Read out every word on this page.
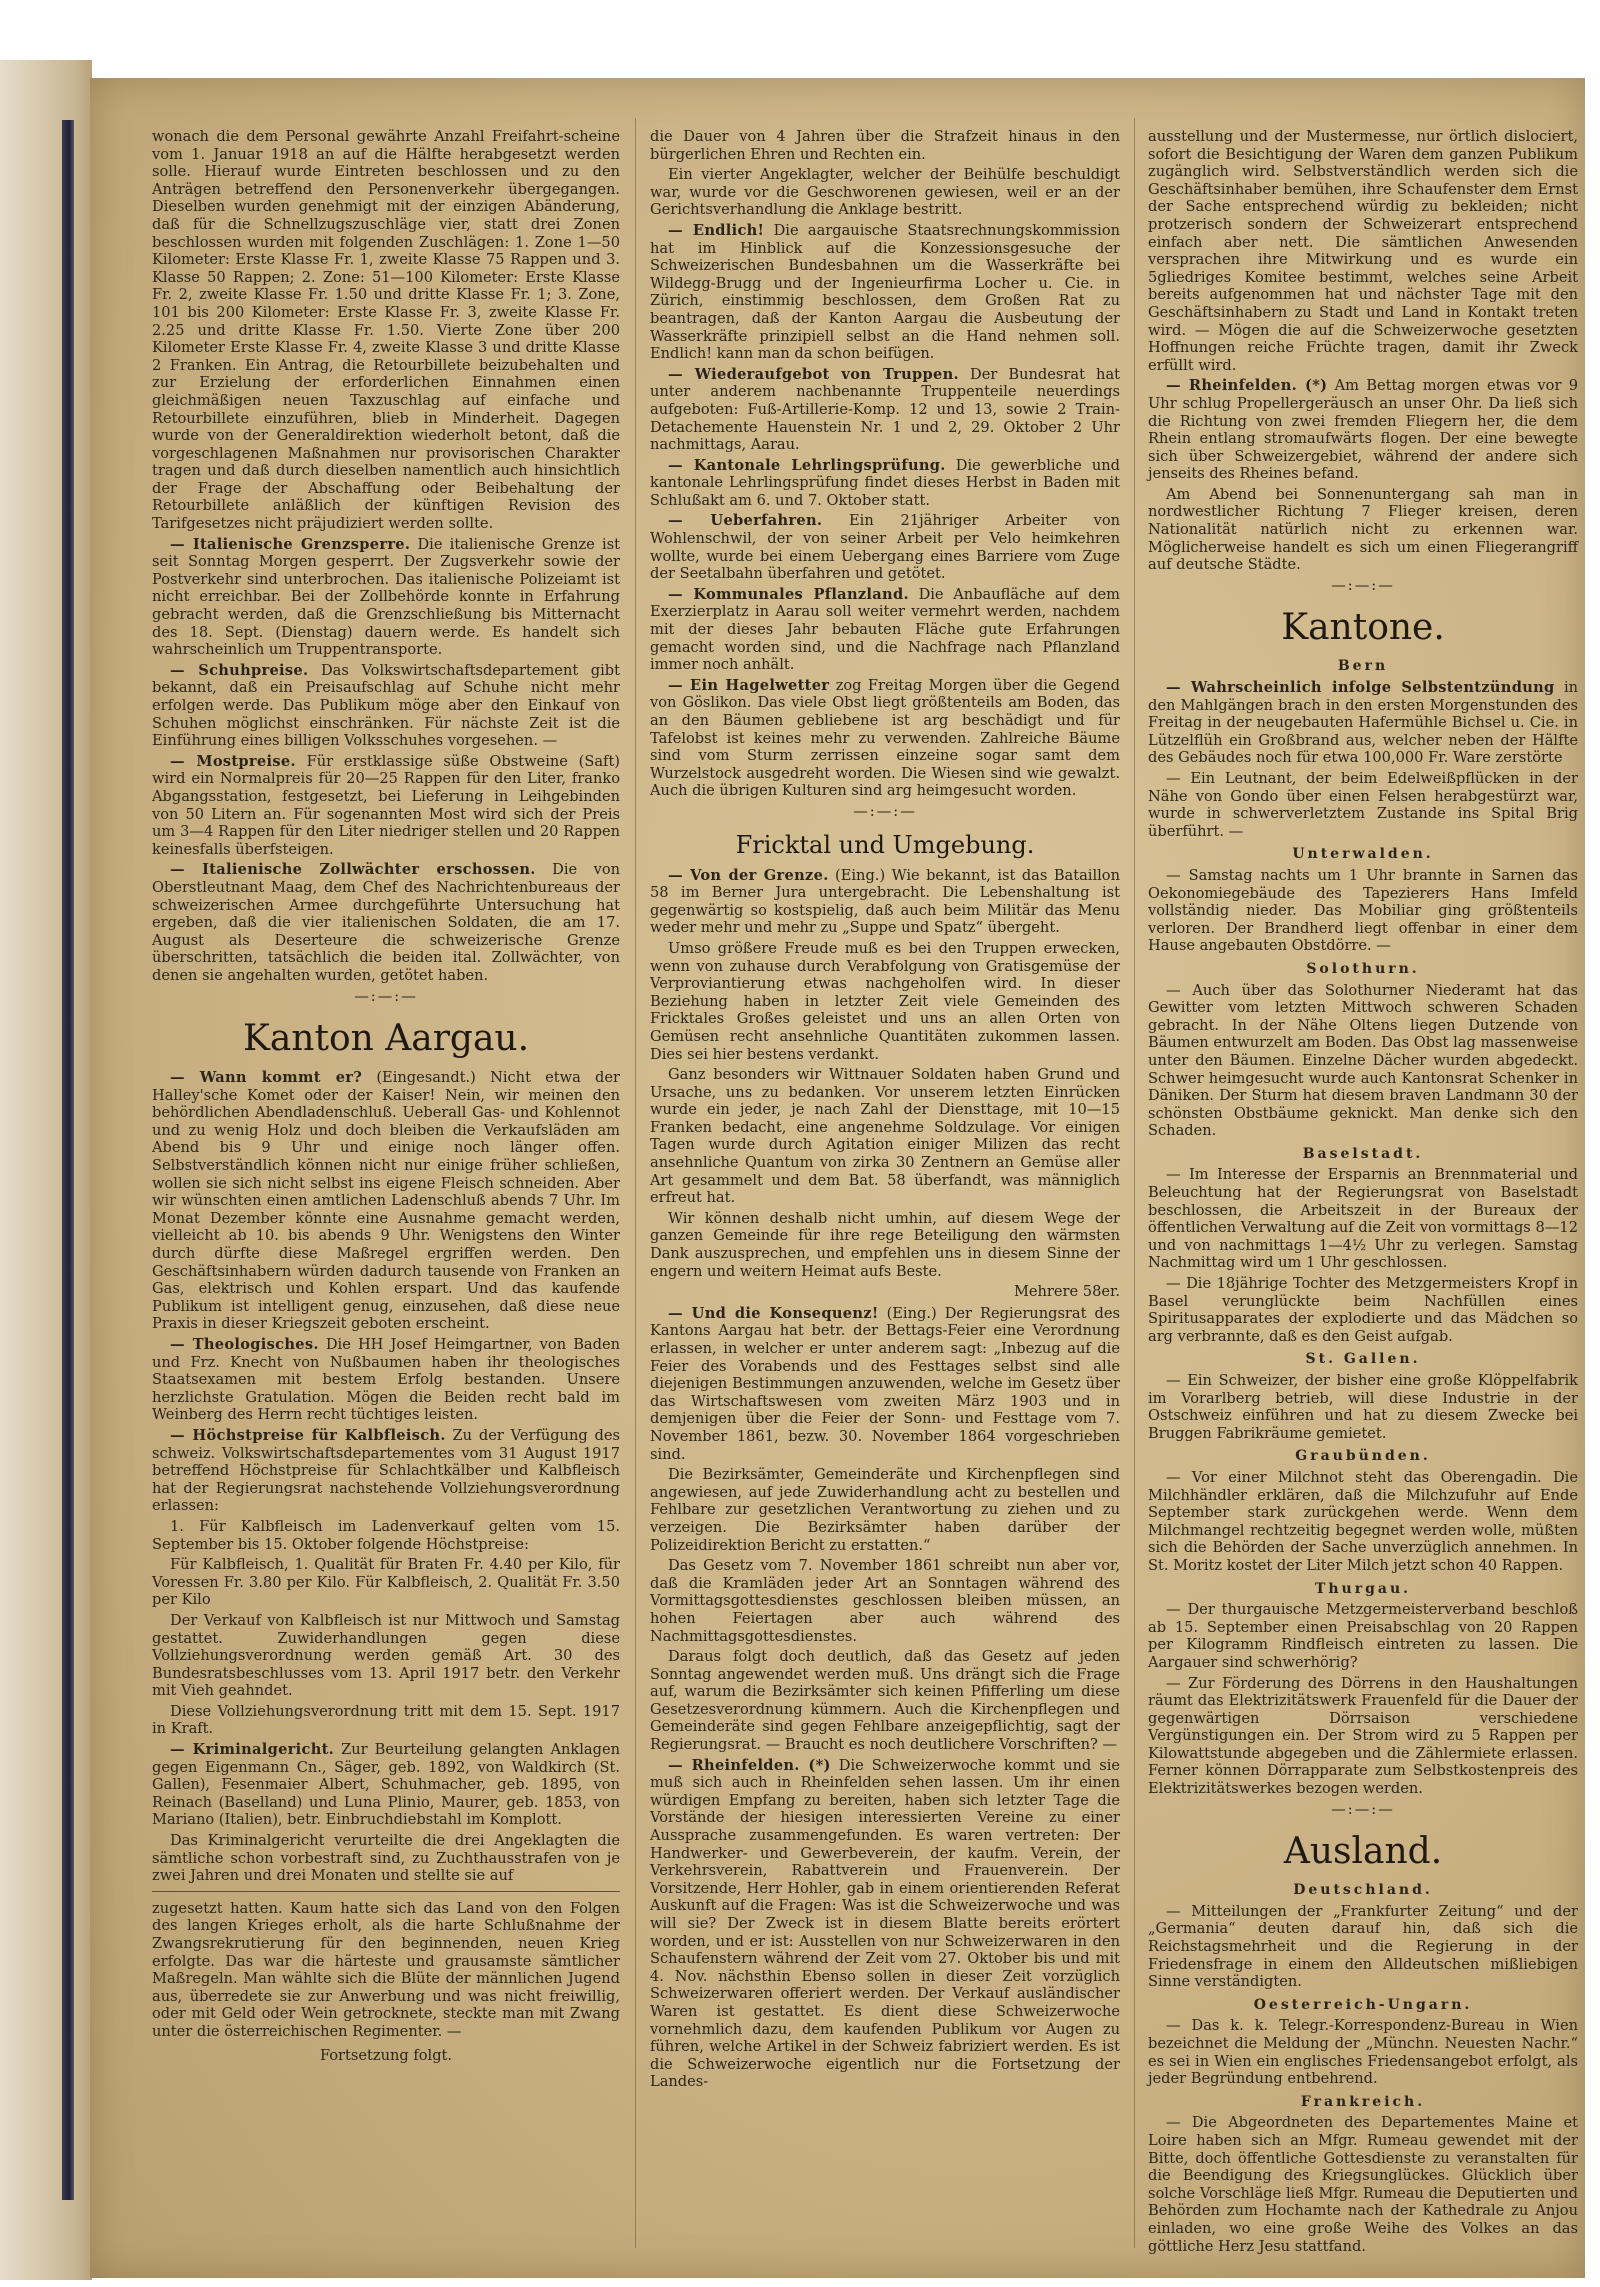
wonach die dem Personal gewährte Anzahl Freifahrt-scheine vom 1. Januar 1918 an auf die Hälfte herabgesetzt werden solle. Hierauf wurde Eintreten beschlossen und zu den Anträgen betreffend den Personenverkehr übergegangen. Dieselben wurden genehmigt mit der einzigen Abänderung, daß für die Schnellzugszuschläge vier, statt drei Zonen beschlossen wurden mit folgenden Zuschlägen: 1. Zone 1—50 Kilometer: Erste Klasse Fr. 1, zweite Klasse 75 Rappen und 3. Klasse 50 Rappen; 2. Zone: 51—100 Kilometer: Erste Klasse Fr. 2, zweite Klasse Fr. 1.50 und dritte Klasse Fr. 1; 3. Zone, 101 bis 200 Kilometer: Erste Klasse Fr. 3, zweite Klasse Fr. 2.25 und dritte Klasse Fr. 1.50. Vierte Zone über 200 Kilometer Erste Klasse Fr. 4, zweite Klasse 3 und dritte Klasse 2 Franken. Ein Antrag, die Retourbillete beizubehalten und zur Erzielung der erforderlichen Einnahmen einen gleichmäßigen neuen Taxzuschlag auf einfache und Retourbillete einzuführen, blieb in Minderheit. Dagegen wurde von der Generaldirektion wiederholt betont, daß die vorgeschlagenen Maßnahmen nur provisorischen Charakter tragen und daß durch dieselben namentlich auch hinsichtlich der Frage der Abschaffung oder Beibehaltung der Retourbillete anläßlich der künftigen Revision des Tarifgesetzes nicht präjudiziert werden sollte.

— Italienische Grenzsperre. Die italienische Grenze ist seit Sonntag Morgen gesperrt. Der Zugsverkehr sowie der Postverkehr sind unterbrochen. Das italienische Polizeiamt ist nicht erreichbar. Bei der Zollbehörde konnte in Erfahrung gebracht werden, daß die Grenzschließung bis Mitternacht des 18. Sept. (Dienstag) dauern werde. Es handelt sich wahrscheinlich um Truppentransporte.

— Schuhpreise. Das Volkswirtschaftsdepartement gibt bekannt, daß ein Preisaufschlag auf Schuhe nicht mehr erfolgen werde. Das Publikum möge aber den Einkauf von Schuhen möglichst einschränken. Für nächste Zeit ist die Einführung eines billigen Volksschuhes vorgesehen. —

— Mostpreise. Für erstklassige süße Obstweine (Saft) wird ein Normalpreis für 20—25 Rappen für den Liter, franko Abgangsstation, festgesetzt, bei Lieferung in Leihgebinden von 50 Litern an. Für sogenannten Most wird sich der Preis um 3—4 Rappen für den Liter niedriger stellen und 20 Rappen keinesfalls überfsteigen.

— Italienische Zollwächter erschossen. Die von Oberstleutnant Maag, dem Chef des Nachrichtenbureaus der schweizerischen Armee durchgeführte Untersuchung hat ergeben, daß die vier italienischen Soldaten, die am 17. August als Deserteure die schweizerische Grenze überschritten, tatsächlich die beiden ital. Zollwächter, von denen sie angehalten wurden, getötet haben.

—:—:—
Kanton Aargau.

— Wann kommt er? (Eingesandt.) Nicht etwa der Halley'sche Komet oder der Kaiser! Nein, wir meinen den behördlichen Abendladenschluß. Ueberall Gas- und Kohlennot und zu wenig Holz und doch bleiben die Verkaufsläden am Abend bis 9 Uhr und einige noch länger offen. Selbstverständlich können nicht nur einige früher schließen, wollen sie sich nicht selbst ins eigene Fleisch schneiden. Aber wir wünschten einen amtlichen Ladenschluß abends 7 Uhr. Im Monat Dezember könnte eine Ausnahme gemacht werden, vielleicht ab 10. bis abends 9 Uhr. Wenigstens den Winter durch dürfte diese Maßregel ergriffen werden. Den Geschäftsinhabern würden dadurch tausende von Franken an Gas, elektrisch und Kohlen erspart. Und das kaufende Publikum ist intelligent genug, einzusehen, daß diese neue Praxis in dieser Kriegszeit geboten erscheint.

— Theologisches. Die HH Josef Heimgartner, von Baden und Frz. Knecht von Nußbaumen haben ihr theologisches Staatsexamen mit bestem Erfolg bestanden. Unsere herzlichste Gratulation. Mögen die Beiden recht bald im Weinberg des Herrn recht tüchtiges leisten.

— Höchstpreise für Kalbfleisch. Zu der Verfügung des schweiz. Volkswirtschaftsdepartementes vom 31 August 1917 betreffend Höchstpreise für Schlachtkälber und Kalbfleisch hat der Regierungsrat nachstehende Vollziehungsverordnung erlassen:

1. Für Kalbfleisch im Ladenverkauf gelten vom 15. September bis 15. Oktober folgende Höchstpreise:

Für Kalbfleisch, 1. Qualität für Braten Fr. 4.40 per Kilo, für Voressen Fr. 3.80 per Kilo. Für Kalbfleisch, 2. Qualität Fr. 3.50 per Kilo

Der Verkauf von Kalbfleisch ist nur Mittwoch und Samstag gestattet. Zuwiderhandlungen gegen diese Vollziehungsverordnung werden gemäß Art. 30 des Bundesratsbeschlusses vom 13. April 1917 betr. den Verkehr mit Vieh geahndet.

Diese Vollziehungsverordnung tritt mit dem 15. Sept. 1917 in Kraft.

— Kriminalgericht. Zur Beurteilung gelangten Anklagen gegen Eigenmann Cn., Säger, geb. 1892, von Waldkirch (St. Gallen), Fesenmaier Albert, Schuhmacher, geb. 1895, von Reinach (Baselland) und Luna Plinio, Maurer, geb. 1853, von Mariano (Italien), betr. Einbruchdiebstahl im Komplott.

Das Kriminalgericht verurteilte die drei Angeklagten die sämtliche schon vorbestraft sind, zu Zuchthausstrafen von je zwei Jahren und drei Monaten und stellte sie auf

zugesetzt hatten. Kaum hatte sich das Land von den Folgen des langen Krieges erholt, als die harte Schlußnahme der Zwangsrekrutierung für den beginnenden, neuen Krieg erfolgte. Das war die härteste und grausamste sämtlicher Maßregeln. Man wählte sich die Blüte der männlichen Jugend aus, überredete sie zur Anwerbung und was nicht freiwillig, oder mit Geld oder Wein getrocknete, steckte man mit Zwang unter die österreichischen Regimenter. —

Fortsetzung folgt.

die Dauer von 4 Jahren über die Strafzeit hinaus in den bürgerlichen Ehren und Rechten ein.

Ein vierter Angeklagter, welcher der Beihülfe beschuldigt war, wurde vor die Geschworenen gewiesen, weil er an der Gerichtsverhandlung die Anklage bestritt.

— Endlich! Die aargauische Staatsrechnungskommission hat im Hinblick auf die Konzessionsgesuche der Schweizerischen Bundesbahnen um die Wasserkräfte bei Wildegg-Brugg und der Ingenieurfirma Locher u. Cie. in Zürich, einstimmig beschlossen, dem Großen Rat zu beantragen, daß der Kanton Aargau die Ausbeutung der Wasserkräfte prinzipiell selbst an die Hand nehmen soll. Endlich! kann man da schon beifügen.

— Wiederaufgebot von Truppen. Der Bundesrat hat unter anderem nachbenannte Truppenteile neuerdings aufgeboten: Fuß-Artillerie-Komp. 12 und 13, sowie 2 Train-Detachemente Hauenstein Nr. 1 und 2, 29. Oktober 2 Uhr nachmittags, Aarau.

— Kantonale Lehrlingsprüfung. Die gewerbliche und kantonale Lehrlingsprüfung findet dieses Herbst in Baden mit Schlußakt am 6. und 7. Oktober statt.

— Ueberfahren. Ein 21jähriger Arbeiter von Wohlenschwil, der von seiner Arbeit per Velo heimkehren wollte, wurde bei einem Uebergang eines Barriere vom Zuge der Seetalbahn überfahren und getötet.

— Kommunales Pflanzland. Die Anbaufläche auf dem Exerzierplatz in Aarau soll weiter vermehrt werden, nachdem mit der dieses Jahr bebauten Fläche gute Erfahrungen gemacht worden sind, und die Nachfrage nach Pflanzland immer noch anhält.

— Ein Hagelwetter zog Freitag Morgen über die Gegend von Göslikon. Das viele Obst liegt größtenteils am Boden, das an den Bäumen gebliebene ist arg beschädigt und für Tafelobst ist keines mehr zu verwenden. Zahlreiche Bäume sind vom Sturm zerrissen einzeine sogar samt dem Wurzelstock ausgedreht worden. Die Wiesen sind wie gewalzt. Auch die übrigen Kulturen sind arg heimgesucht worden.

—:—:—
Fricktal und Umgebung.

— Von der Grenze. (Eing.) Wie bekannt, ist das Bataillon 58 im Berner Jura untergebracht. Die Lebenshaltung ist gegenwärtig so kostspielig, daß auch beim Militär das Menu weder mehr und mehr zu „Suppe und Spatz“ übergeht.

Umso größere Freude muß es bei den Truppen erwecken, wenn von zuhause durch Verabfolgung von Gratisgemüse der Verproviantierung etwas nachgeholfen wird. In dieser Beziehung haben in letzter Zeit viele Gemeinden des Fricktales Großes geleistet und uns an allen Orten von Gemüsen recht ansehnliche Quantitäten zukommen lassen. Dies sei hier bestens verdankt.

Ganz besonders wir Wittnauer Soldaten haben Grund und Ursache, uns zu bedanken. Vor unserem letzten Einrücken wurde ein jeder, je nach Zahl der Diensttage, mit 10—15 Franken bedacht, eine angenehme Soldzulage. Vor einigen Tagen wurde durch Agitation einiger Milizen das recht ansehnliche Quantum von zirka 30 Zentnern an Gemüse aller Art gesammelt und dem Bat. 58 überfandt, was männiglich erfreut hat.

Wir können deshalb nicht umhin, auf diesem Wege der ganzen Gemeinde für ihre rege Beteiligung den wärmsten Dank auszusprechen, und empfehlen uns in diesem Sinne der engern und weitern Heimat aufs Beste.

Mehrere 58er.

— Und die Konsequenz! (Eing.) Der Regierungsrat des Kantons Aargau hat betr. der Bettags-Feier eine Verordnung erlassen, in welcher er unter anderem sagt: „Inbezug auf die Feier des Vorabends und des Festtages selbst sind alle diejenigen Bestimmungen anzuwenden, welche im Gesetz über das Wirtschaftswesen vom zweiten März 1903 und in demjenigen über die Feier der Sonn- und Festtage vom 7. November 1861, bezw. 30. November 1864 vorgeschrieben sind.

Die Bezirksämter, Gemeinderäte und Kirchenpflegen sind angewiesen, auf jede Zuwiderhandlung acht zu bestellen und Fehlbare zur gesetzlichen Verantwortung zu ziehen und zu verzeigen. Die Bezirksämter haben darüber der Polizeidirektion Bericht zu erstatten.“

Das Gesetz vom 7. November 1861 schreibt nun aber vor, daß die Kramläden jeder Art an Sonntagen während des Vormittagsgottesdienstes geschlossen bleiben müssen, an hohen Feiertagen aber auch während des Nachmittagsgottesdienstes.

Daraus folgt doch deutlich, daß das Gesetz auf jeden Sonntag angewendet werden muß. Uns drängt sich die Frage auf, warum die Bezirksämter sich keinen Pfifferling um diese Gesetzesverordnung kümmern. Auch die Kirchenpflegen und Gemeinderäte sind gegen Fehlbare anzeigepflichtig, sagt der Regierungsrat. — Braucht es noch deutlichere Vorschriften? —

— Rheinfelden. (*) Die Schweizerwoche kommt und sie muß sich auch in Rheinfelden sehen lassen. Um ihr einen würdigen Empfang zu bereiten, haben sich letzter Tage die Vorstände der hiesigen interessierten Vereine zu einer Aussprache zusammengefunden. Es waren vertreten: Der Handwerker- und Gewerbeverein, der kaufm. Verein, der Verkehrsverein, Rabattverein und Frauenverein. Der Vorsitzende, Herr Hohler, gab in einem orientierenden Referat Auskunft auf die Fragen: Was ist die Schweizerwoche und was will sie? Der Zweck ist in diesem Blatte bereits erörtert worden, und er ist: Ausstellen von nur Schweizerwaren in den Schaufenstern während der Zeit vom 27. Oktober bis und mit 4. Nov. nächsthin Ebenso sollen in dieser Zeit vorzüglich Schweizerwaren offeriert werden. Der Verkauf ausländischer Waren ist gestattet. Es dient diese Schweizerwoche vornehmlich dazu, dem kaufenden Publikum vor Augen zu führen, welche Artikel in der Schweiz fabriziert werden. Es ist die Schweizerwoche eigentlich nur die Fortsetzung der Landes-

ausstellung und der Mustermesse, nur örtlich dislociert, sofort die Besichtigung der Waren dem ganzen Publikum zugänglich wird. Selbstverständlich werden sich die Geschäftsinhaber bemühen, ihre Schaufenster dem Ernst der Sache entsprechend würdig zu bekleiden; nicht protzerisch sondern der Schweizerart entsprechend einfach aber nett. Die sämtlichen Anwesenden versprachen ihre Mitwirkung und es wurde ein 5gliedriges Komitee bestimmt, welches seine Arbeit bereits aufgenommen hat und nächster Tage mit den Geschäftsinhabern zu Stadt und Land in Kontakt treten wird. — Mögen die auf die Schweizerwoche gesetzten Hoffnungen reiche Früchte tragen, damit ihr Zweck erfüllt wird.

— Rheinfelden. (*) Am Bettag morgen etwas vor 9 Uhr schlug Propellergeräusch an unser Ohr. Da ließ sich die Richtung von zwei fremden Fliegern her, die dem Rhein entlang stromaufwärts flogen. Der eine bewegte sich über Schweizergebiet, während der andere sich jenseits des Rheines befand.

Am Abend bei Sonnenuntergang sah man in nordwestlicher Richtung 7 Flieger kreisen, deren Nationalität natürlich nicht zu erkennen war. Möglicherweise handelt es sich um einen Fliegerangriff auf deutsche Städte.

—:—:—
Kantone.
Bern

— Wahrscheinlich infolge Selbstentzündung in den Mahlgängen brach in den ersten Morgenstunden des Freitag in der neugebauten Hafermühle Bichsel u. Cie. in Lützelflüh ein Großbrand aus, welcher neben der Hälfte des Gebäudes noch für etwa 100,000 Fr. Ware zerstörte

— Ein Leutnant, der beim Edelweißpflücken in der Nähe von Gondo über einen Felsen herabgestürzt war, wurde in schwerverletztem Zustande ins Spital Brig überführt. —

Unterwalden.

— Samstag nachts um 1 Uhr brannte in Sarnen das Oekonomiegebäude des Tapezierers Hans Imfeld vollständig nieder. Das Mobiliar ging größtenteils verloren. Der Brandherd liegt offenbar in einer dem Hause angebauten Obstdörre. —

Solothurn.

— Auch über das Solothurner Niederamt hat das Gewitter vom letzten Mittwoch schweren Schaden gebracht. In der Nähe Oltens liegen Dutzende von Bäumen entwurzelt am Boden. Das Obst lag massenweise unter den Bäumen. Einzelne Dächer wurden abgedeckt. Schwer heimgesucht wurde auch Kantonsrat Schenker in Däniken. Der Sturm hat diesem braven Landmann 30 der schönsten Obstbäume geknickt. Man denke sich den Schaden.

Baselstadt.

— Im Interesse der Ersparnis an Brennmaterial und Beleuchtung hat der Regierungsrat von Baselstadt beschlossen, die Arbeitszeit in der Bureaux der öffentlichen Verwaltung auf die Zeit von vormittags 8—12 und von nachmittags 1—4½ Uhr zu verlegen. Samstag Nachmittag wird um 1 Uhr geschlossen.

— Die 18jährige Tochter des Metzgermeisters Kropf in Basel verunglückte beim Nachfüllen eines Spiritusapparates der explodierte und das Mädchen so arg verbrannte, daß es den Geist aufgab.

St. Gallen.

— Ein Schweizer, der bisher eine große Klöppelfabrik im Vorarlberg betrieb, will diese Industrie in der Ostschweiz einführen und hat zu diesem Zwecke bei Bruggen Fabrikräume gemietet.

Graubünden.

— Vor einer Milchnot steht das Oberengadin. Die Milchhändler erklären, daß die Milchzufuhr auf Ende September stark zurückgehen werde. Wenn dem Milchmangel rechtzeitig begegnet werden wolle, müßten sich die Behörden der Sache unverzüglich annehmen. In St. Moritz kostet der Liter Milch jetzt schon 40 Rappen.

Thurgau.

— Der thurgauische Metzgermeisterverband beschloß ab 15. September einen Preisabschlag von 20 Rappen per Kilogramm Rindfleisch eintreten zu lassen. Die Aargauer sind schwerhörig?

— Zur Förderung des Dörrens in den Haushaltungen räumt das Elektrizitätswerk Frauenfeld für die Dauer der gegenwärtigen Dörrsaison verschiedene Vergünstigungen ein. Der Strom wird zu 5 Rappen per Kilowattstunde abgegeben und die Zählermiete erlassen. Ferner können Dörrapparate zum Selbstkostenpreis des Elektrizitätswerkes bezogen werden.

—:—:—
Ausland.
Deutschland.

— Mitteilungen der „Frankfurter Zeitung“ und der „Germania“ deuten darauf hin, daß sich die Reichstagsmehrheit und die Regierung in der Friedensfrage in einem den Alldeutschen mißliebigen Sinne verständigten.

Oesterreich-Ungarn.

— Das k. k. Telegr.-Korrespondenz-Bureau in Wien bezeichnet die Meldung der „Münchn. Neuesten Nachr.“ es sei in Wien ein englisches Friedensangebot erfolgt, als jeder Begründung entbehrend.

Frankreich.

— Die Abgeordneten des Departementes Maine et Loire haben sich an Mfgr. Rumeau gewendet mit der Bitte, doch öffentliche Gottesdienste zu veranstalten für die Beendigung des Kriegsunglückes. Glücklich über solche Vorschläge ließ Mfgr. Rumeau die Deputierten und Behörden zum Hochamte nach der Kathedrale zu Anjou einladen, wo eine große Weihe des Volkes an das göttliche Herz Jesu stattfand.
